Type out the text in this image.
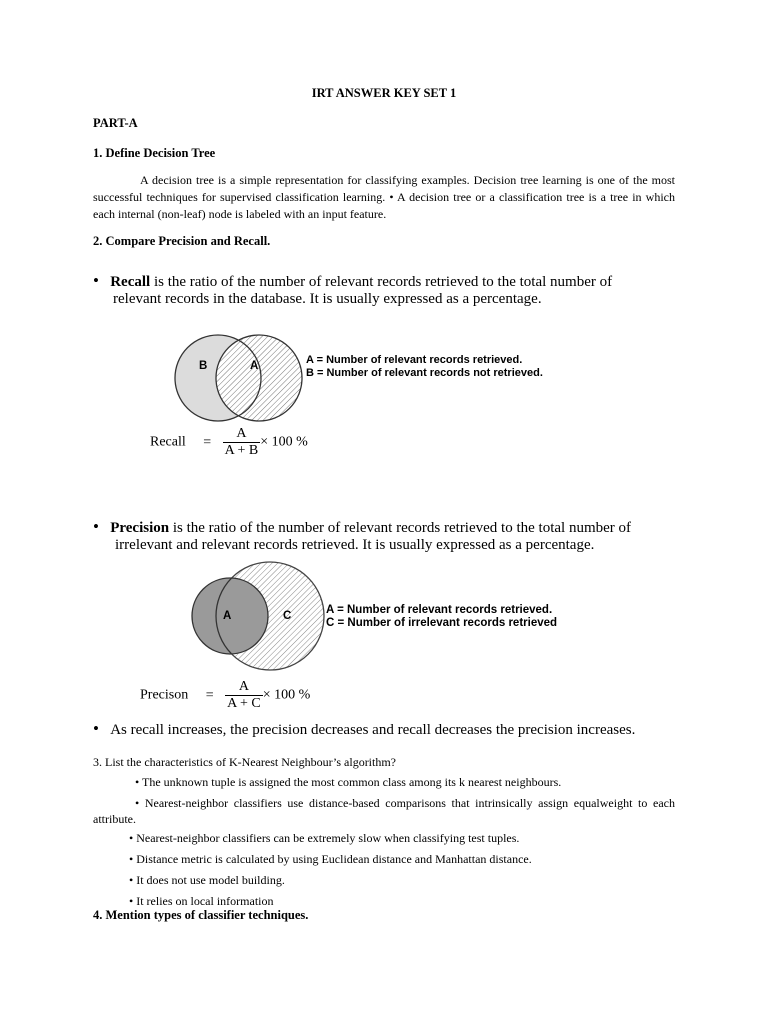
IRT ANSWER KEY SET 1
PART-A
1. Define Decision Tree
A decision tree is a simple representation for classifying examples. Decision tree learning is one of the most successful techniques for supervised classification learning. • A decision tree or a classification tree is a tree in which each internal (non-leaf) node is labeled with an input feature.
2. Compare Precision and Recall.
• Recall is the ratio of the number of relevant records retrieved to the total number of
relevant records in the database. It is usually expressed as a percentage.
B	A	A = Number of relevant records retrieved.
B = Number of relevant records not retrieved.
Recall = $\frac{A}{A + B} \times 100$ %
• Precision is the ratio of the number of relevant records retrieved to the total number of
irrelevant and relevant records retrieved. It is usually expressed as a percentage.
A	C	A = Number of relevant records retrieved.
C = Number of irrelevant records retrieved
Precison = $\frac{A}{A + C} \times 100$ %
• As recall increases, the precision decreases and recall decreases the precision increases.
3. List the characteristics of K-Nearest Neighbour’s algorithm?
• The unknown tuple is assigned the most common class among its k nearest neighbours.
• Nearest-neighbor classifiers use distance-based comparisons that intrinsically assign equalweight to each attribute.
• Nearest-neighbor classifiers can be extremely slow when classifying test tuples.
• Distance metric is calculated by using Euclidean distance and Manhattan distance.
• It does not use model building.
• It relies on local information
4. Mention types of classifier techniques.
